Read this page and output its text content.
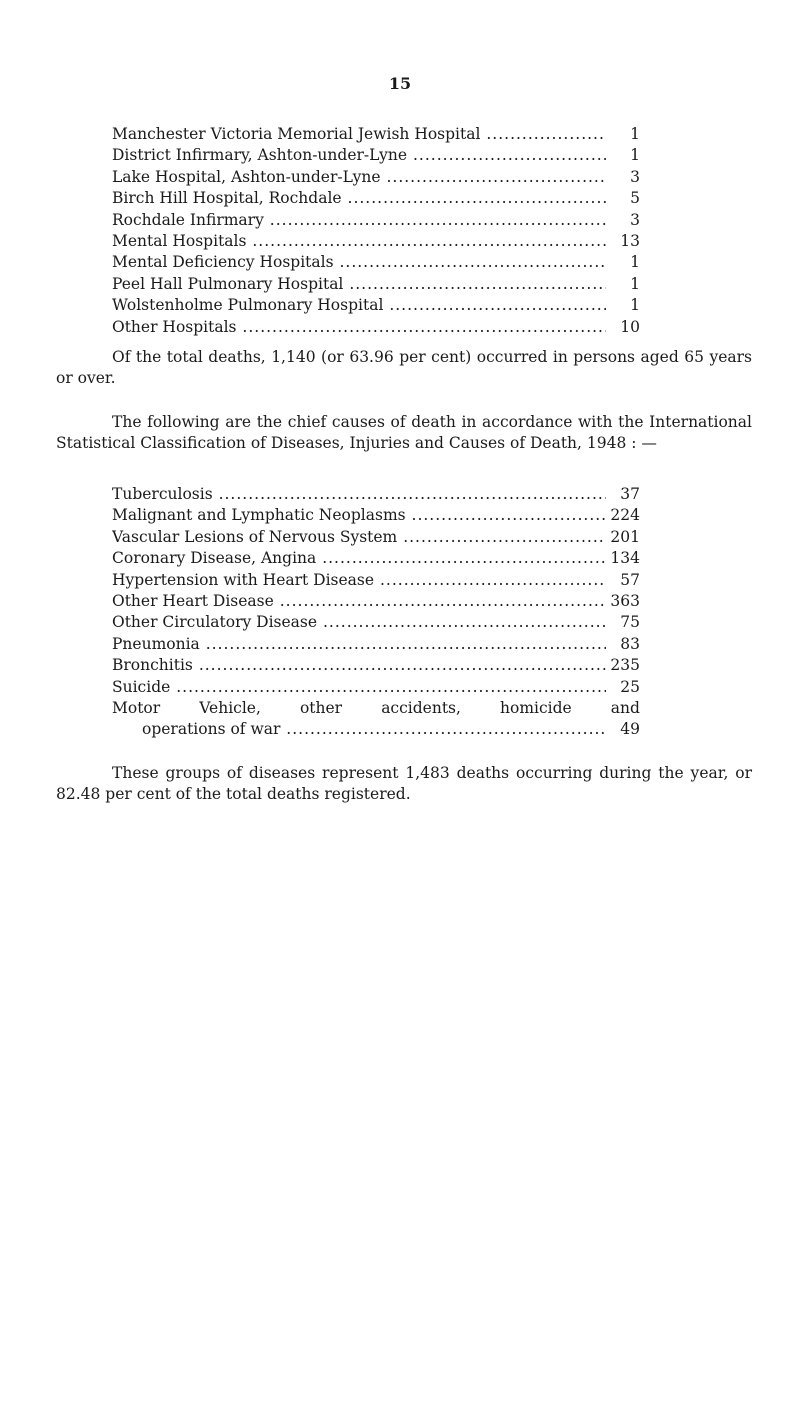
15
Manchester Victoria Memorial Jewish Hospital .....	1
District Infirmary, Ashton-under-Lyne .....	1
Lake Hospital, Ashton-under-Lyne .....	3
Birch Hill Hospital, Rochdale .....	5
Rochdale Infirmary .....	3
Mental Hospitals .....	13
Mental Deficiency Hospitals .....	1
Peel Hall Pulmonary Hospital .....	1
Wolstenholme Pulmonary Hospital .....	1
Other Hospitals .....	10

Of the total deaths, 1,140 (or 63.96 per cent) occurred in persons aged 65 years or over.

The following are the chief causes of death in accordance with the International Statistical Classification of Diseases, Injuries and Causes of Death, 1948 : —

Tuberculosis .....	37
Malignant and Lymphatic Neoplasms .....	224
Vascular Lesions of Nervous System .....	201
Coronary Disease, Angina .....	134
Hypertension with Heart Disease .....	57
Other Heart Disease .....	363
Other Circulatory Disease .....	75
Pneumonia .....	83
Bronchitis .....	235
Suicide .....	25
Motor	Vehicle,	other	accidents,	homicide	and
operations of war .....	49

These groups of diseases represent 1,483 deaths occurring during the year, or 82.48 per cent of the total deaths registered.
